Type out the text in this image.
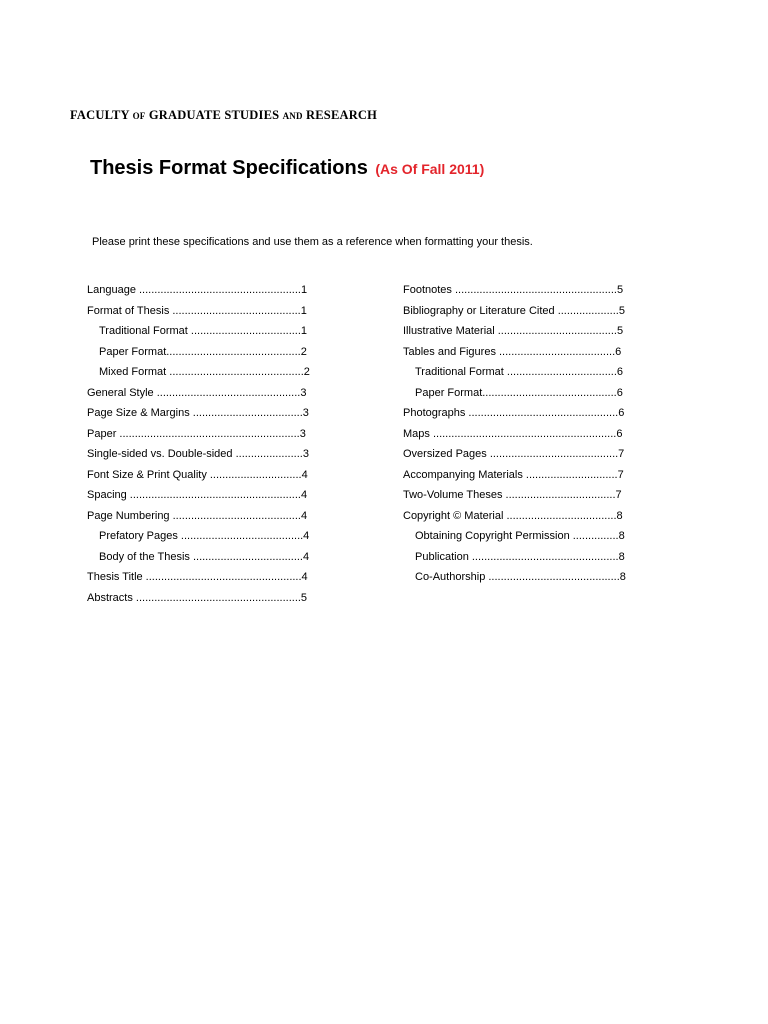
FACULTY OF GRADUATE STUDIES AND RESEARCH
Thesis Format Specifications (As Of Fall 2011)
Please print these specifications and use them as a reference when formatting your thesis.
Language .....................................................1
Format of Thesis ..........................................1
Traditional Format ....................................1
Paper Format............................................2
Mixed Format ............................................2
General Style ...............................................3
Page Size & Margins ....................................3
Paper ...........................................................3
Single-sided vs. Double-sided ......................3
Font Size & Print Quality ..............................4
Spacing ........................................................4
Page Numbering ..........................................4
Prefatory Pages ........................................4
Body of the Thesis ....................................4
Thesis Title ...................................................4
Abstracts ......................................................5
Footnotes .....................................................5
Bibliography or Literature Cited ....................5
Illustrative Material .......................................5
Tables and Figures ......................................6
Traditional Format ....................................6
Paper Format............................................6
Photographs .................................................6
Maps ............................................................6
Oversized Pages ..........................................7
Accompanying Materials ..............................7
Two-Volume Theses ....................................7
Copyright © Material ....................................8
Obtaining Copyright Permission ...............8
Publication ................................................8
Co-Authorship ...........................................8
